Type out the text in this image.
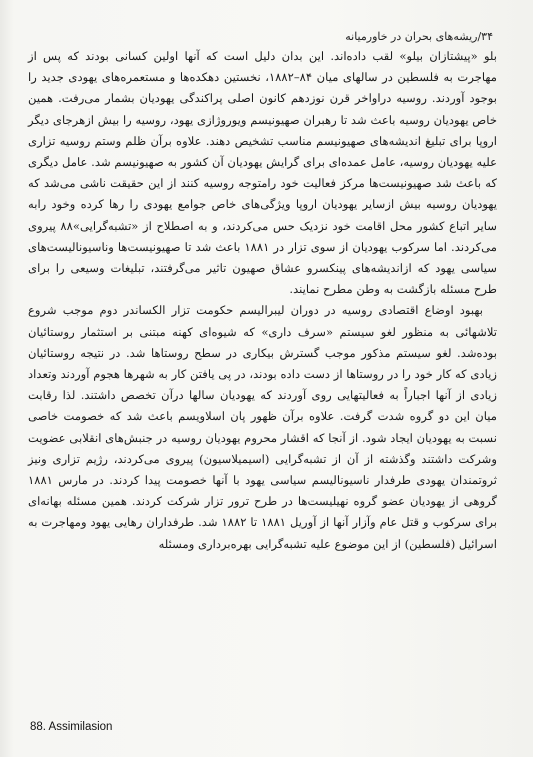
۳۴/ریشه‌های بحران در خاورمیانه

بلو «پیشتازان بیلو» لقب داده‌اند. این بدان دلیل است که آنها اولین کسانی بودند که پس از مهاجرت به فلسطین در سالهای میان ۸۴–۱۸۸۲، نخستین دهکده‌ها و مستعمره‌های یهودی جدید را بوجود آوردند. روسیه دراواخر قرن نوزدهم کانون اصلی پراکندگی یهودیان بشمار می‌رفت. همین خاص یهودیان روسیه باعث شد تا رهبران صهیونیسم ویوروژازی یهود، روسیه را بیش ازهرجای دیگر اروپا برای تبلیغ اندیشه‌های صهیونیسم مناسب تشخیص دهند. علاوه برآن ظلم وستم روسیه تزاری علیه یهودیان روسیه، عامل عمده‌ای برای گرایش یهودیان آن کشور به صهیونیسم شد. عامل دیگری که باعث شد صهیونیست‌ها مرکز فعالیت خود رامتوجه روسیه کنند از این حقیقت ناشی می‌شد که یهودیان روسیه بیش ازسایر یهودیان اروپا ویژگی‌های خاص جوامع یهودی را رها کرده وخود رابه سایر اتباع کشور محل اقامت خود نزدیک حس می‌کردند، و به اصطلاح از «تشبه‌گرایی»۸۸ پیروی می‌کردند. اما سرکوب یهودیان از سوی تزار در ۱۸۸۱ باعث شد تا صهیونیست‌ها وناسیونالیست‌های سیاسی یهود که ازاندیشه‌های پینکسرو عشاق صهیون تاثیر می‌گرفتند، تبلیغات وسیعی را برای طرح مسئله بازگشت به وطن مطرح نمایند.

بهبود اوضاع اقتصادی روسیه در دوران لیبرالیسم حکومت تزار الکساندر دوم موجب شروع تلاشهائی به منظور لغو سیستم «سرف داری» که شیوه‌ای کهنه مبتنی بر استثمار روستائیان بوده‌شد. لغو سیستم مذکور موجب گسترش بیکاری در سطح روستاها شد. در نتیجه روستائیان زیادی که کار خود را در روستاها از دست داده بودند، در پی یافتن کار به شهرها هجوم آوردند وتعداد زیادی از آنها اجباراً به فعالیتهایی روی آوردند که یهودیان سالها درآن تخصص داشتند. لذا رقابت میان این دو گروه شدت گرفت. علاوه برآن ظهور پان اسلاویسم باعث شد که خصومت خاصی نسبت به یهودیان ایجاد شود. از آنجا که اقشار محروم یهودیان روسیه در جنبش‌های انقلابی عضویت وشرکت داشتند وگذشته از آن از تشبه‌گرایی (اسیمیلاسیون) پیروی می‌کردند، رژیم تزاری ونیز ثروتمندان یهودی طرفدار ناسیونالیسم سیاسی یهود با آنها خصومت پیدا کردند. در مارس ۱۸۸۱ گروهی از یهودیان عضو گروه نهیلیست‌ها در طرح ترور تزار شرکت کردند. همین مسئله بهانه‌ای برای سرکوب و قتل عام وآزار آنها از آوریل ۱۸۸۱ تا ۱۸۸۲ شد. طرفداران رهایی یهود ومهاجرت به اسرائیل (فلسطین) از این موضوع علیه تشبه‌گرایی بهره‌برداری ومسئله

88. Assimilasion
